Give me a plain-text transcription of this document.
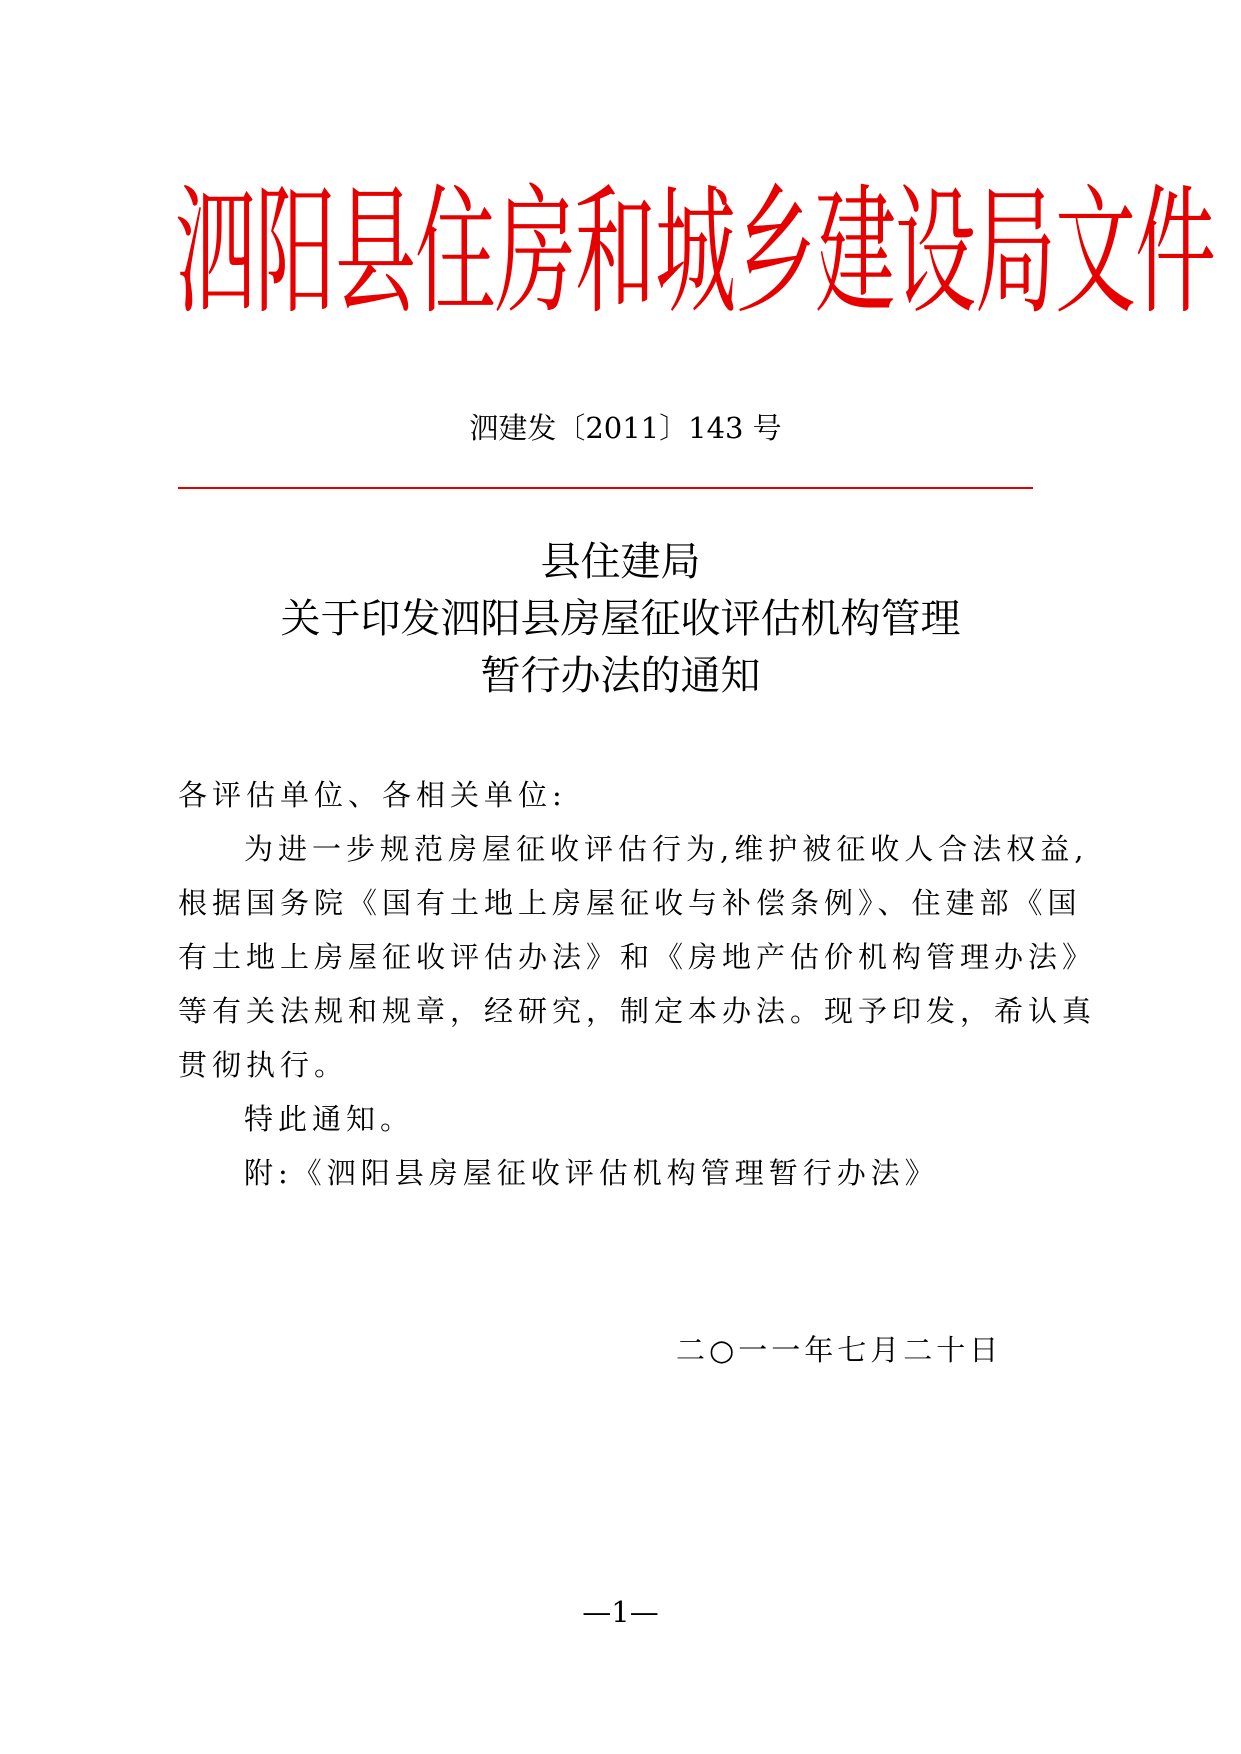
泗阳县住房和城乡建设局文件
泗建发〔2011〕143 号
县住建局
关于印发泗阳县房屋征收评估机构管理
暂行办法的通知

各评估单位、各相关单位:

为进一步规范房屋征收评估行为,维护被征收人合法权益,

根据国务院《国有土地上房屋征收与补偿条例》、住建部《国

有土地上房屋征收评估办法》和《房地产估价机构管理办法》

等有关法规和规章，经研究，制定本办法。现予印发，希认真

贯彻执行。

特此通知。

附:《泗阳县房屋征收评估机构管理暂行办法》

二○一一年七月二十日
—1—
